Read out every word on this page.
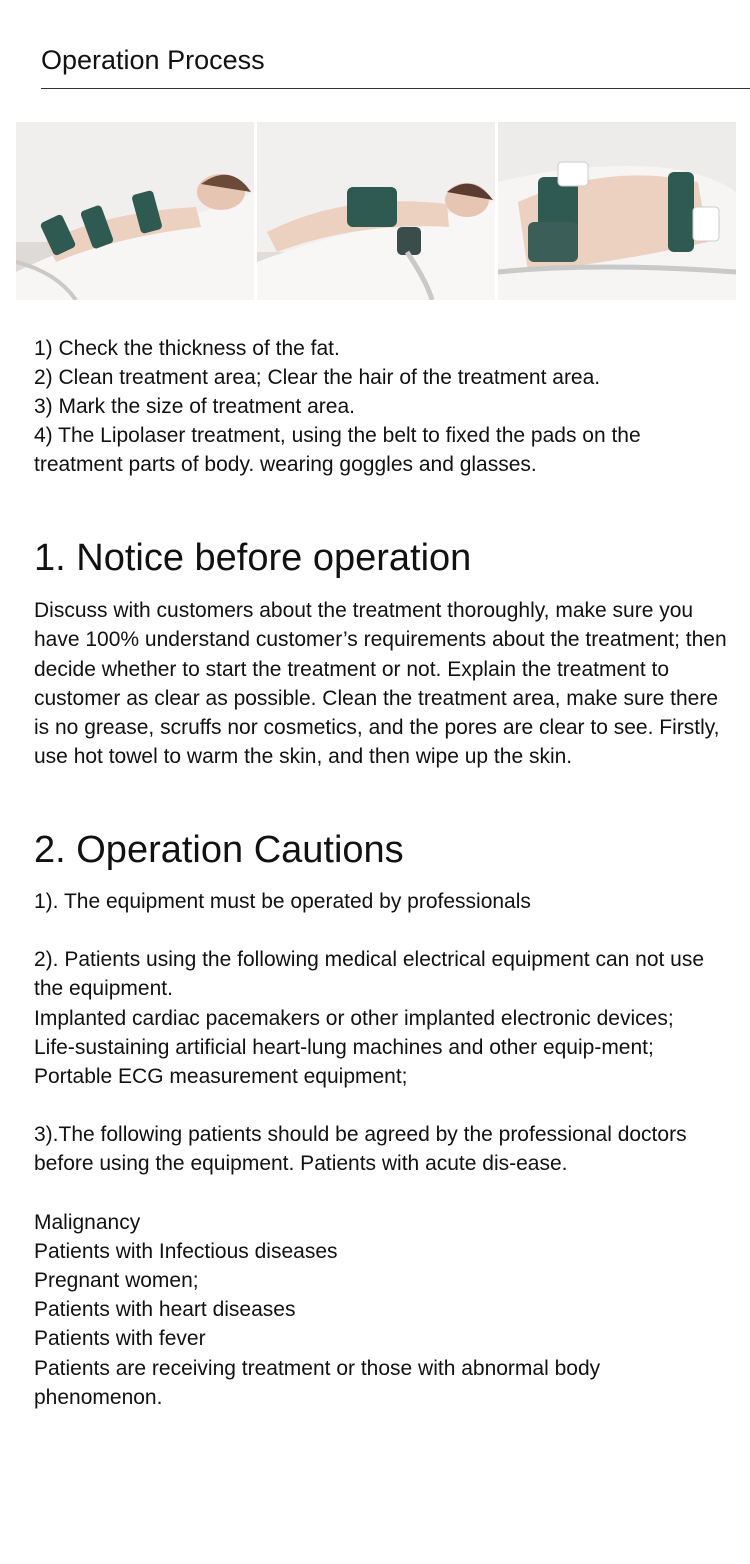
Operation Process

1) Check the thickness of the fat.

2) Clean treatment area; Clear the hair of the treatment area.

3) Mark the size of treatment area.

4) The Lipolaser treatment, using the belt to fixed the pads on the treatment parts of body. wearing goggles and glasses.

1. Notice before operation

Discuss with customers about the treatment thoroughly, make sure you have 100% understand customer’s requirements about the treatment; then decide whether to start the treatment or not. Explain the treatment to customer as clear as possible. Clean the treatment area, make sure there is no grease, scruffs nor cosmetics, and the pores are clear to see. Firstly, use hot towel to warm the skin, and then wipe up the skin.

2. Operation Cautions

1). The equipment must be operated by professionals

2). Patients using the following medical electrical equipment can not use the equipment.

Implanted cardiac pacemakers or other implanted electronic devices;

Life-sustaining artificial heart-lung machines and other equip-ment;

Portable ECG measurement equipment;

3).The following patients should be agreed by the professional doctors before using the equipment. Patients with acute dis-ease.

Malignancy

Patients with Infectious diseases

Pregnant women;

Patients with heart diseases

Patients with fever

Patients are receiving treatment or those with abnormal body phenomenon.
